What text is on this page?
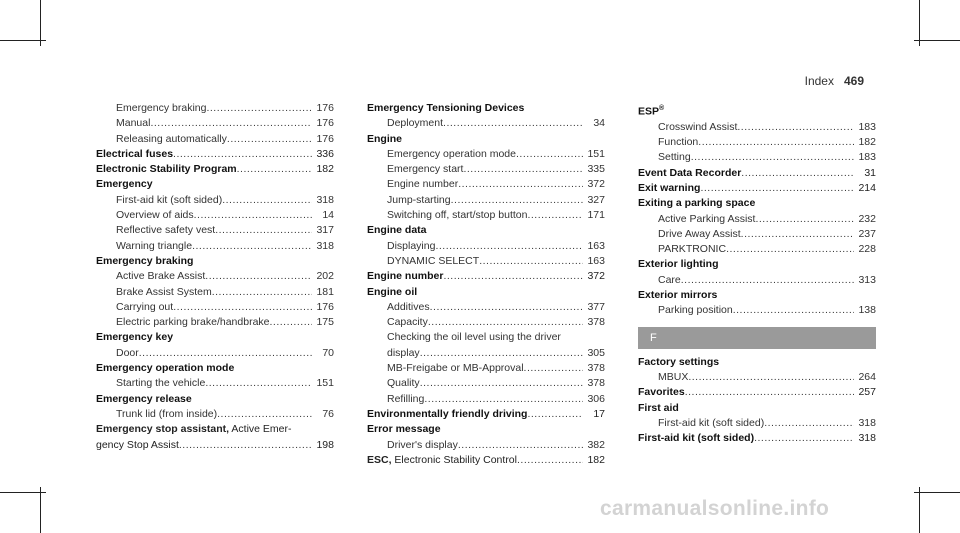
Index 469
Emergency braking .....	176
Manual .....	176
Releasing automatically .....	176
Electrical fuses .....	336
Electronic Stability Program .....	182
Emergency
First-aid kit (soft sided) .....	318
Overview of aids .....	14
Reflective safety vest .....	317
Warning triangle .....	318
Emergency braking
Active Brake Assist .....	202
Brake Assist System .....	181
Carrying out .....	176
Electric parking brake/handbrake .....	175
Emergency key
Door .....	70
Emergency operation mode
Starting the vehicle .....	151
Emergency release
Trunk lid (from inside) .....	76
Emergency stop assistant, Active Emer-
gency Stop Assist .....	198
Emergency Tensioning Devices
Deployment .....	34
Engine
Emergency operation mode .....	151
Emergency start .....	335
Engine number .....	372
Jump-starting .....	327
Switching off, start/stop button .....	171
Engine data
Displaying .....	163
DYNAMIC SELECT .....	163
Engine number .....	372
Engine oil
Additives .....	377
Capacity .....	378
Checking the oil level using the driver
display .....	305
MB-Freigabe or MB-Approval .....	378
Quality .....	378
Refilling .....	306
Environmentally friendly driving .....	17
Error message
Driver's display .....	382
ESC, Electronic Stability Control .....	182
ESP®
Crosswind Assist .....	183
Function .....	182
Setting .....	183
Event Data Recorder .....	31
Exit warning .....	214
Exiting a parking space
Active Parking Assist .....	232
Drive Away Assist .....	237
PARKTRONIC .....	228
Exterior lighting
Care .....	313
Exterior mirrors
Parking position .....	138
F
Factory settings
MBUX .....	264
Favorites .....	257
First aid
First-aid kit (soft sided) .....	318
First-aid kit (soft sided) .....	318
carmanualsonline.info
